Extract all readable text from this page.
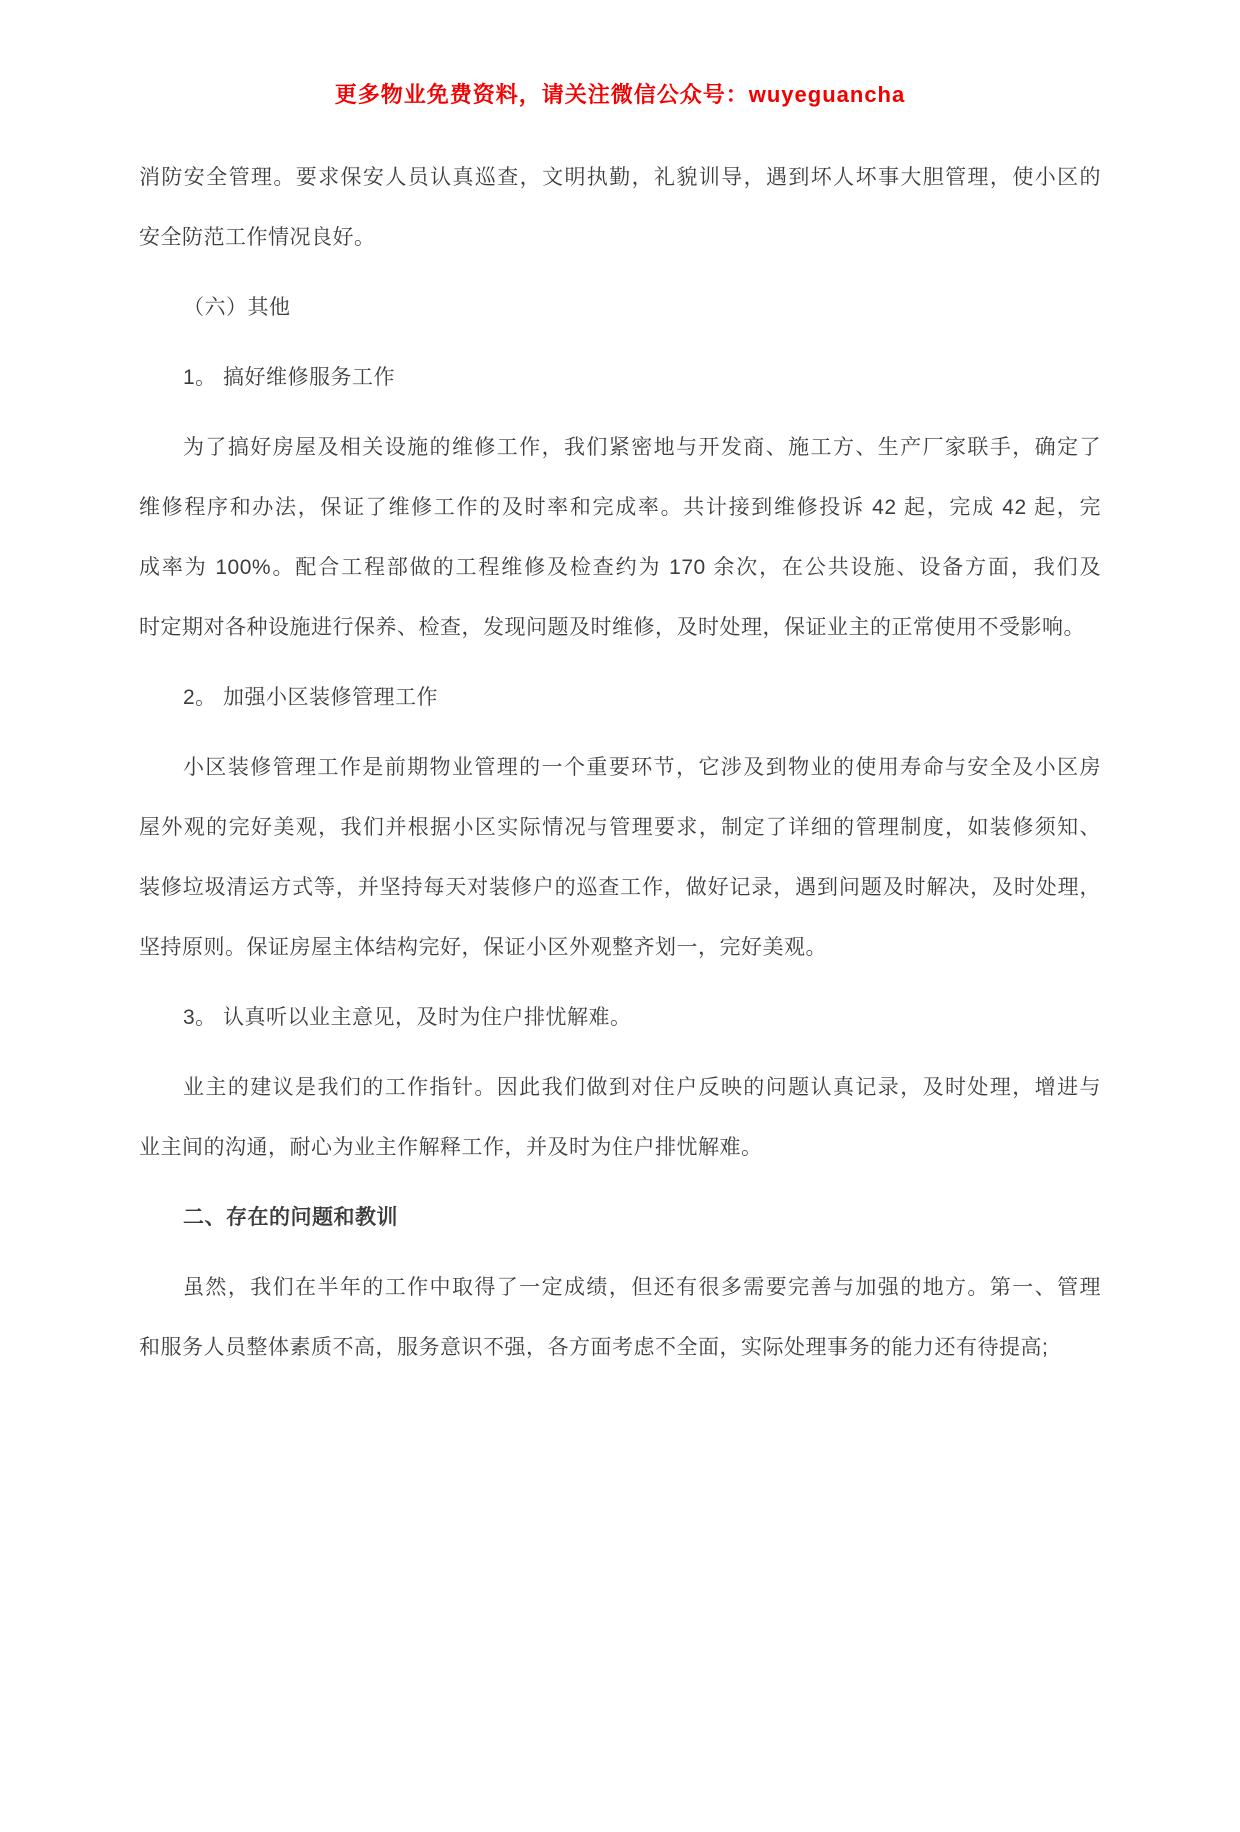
更多物业免费资料，请关注微信公众号：wuyeguancha
消防安全管理。要求保安人员认真巡查，文明执勤，礼貌训导，遇到坏人坏事大胆管理，使小区的
安全防范工作情况良好。
（六）其他
1。 搞好维修服务工作
为了搞好房屋及相关设施的维修工作，我们紧密地与开发商、施工方、生产厂家联手，确定了
维修程序和办法，保证了维修工作的及时率和完成率。共计接到维修投诉 42 起，完成 42 起，完
成率为 100%。配合工程部做的工程维修及检查约为 170 余次，在公共设施、设备方面，我们及
时定期对各种设施进行保养、检查，发现问题及时维修，及时处理，保证业主的正常使用不受影响。
2。 加强小区装修管理工作
小区装修管理工作是前期物业管理的一个重要环节，它涉及到物业的使用寿命与安全及小区房
屋外观的完好美观，我们并根据小区实际情况与管理要求，制定了详细的管理制度，如装修须知、
装修垃圾清运方式等，并坚持每天对装修户的巡查工作，做好记录，遇到问题及时解决，及时处理，
坚持原则。保证房屋主体结构完好，保证小区外观整齐划一，完好美观。
3。 认真听以业主意见，及时为住户排忧解难。
业主的建议是我们的工作指针。因此我们做到对住户反映的问题认真记录，及时处理，增进与
业主间的沟通，耐心为业主作解释工作，并及时为住户排忧解难。
二、存在的问题和教训
虽然，我们在半年的工作中取得了一定成绩，但还有很多需要完善与加强的地方。第一、管理
和服务人员整体素质不高，服务意识不强，各方面考虑不全面，实际处理事务的能力还有待提高;
